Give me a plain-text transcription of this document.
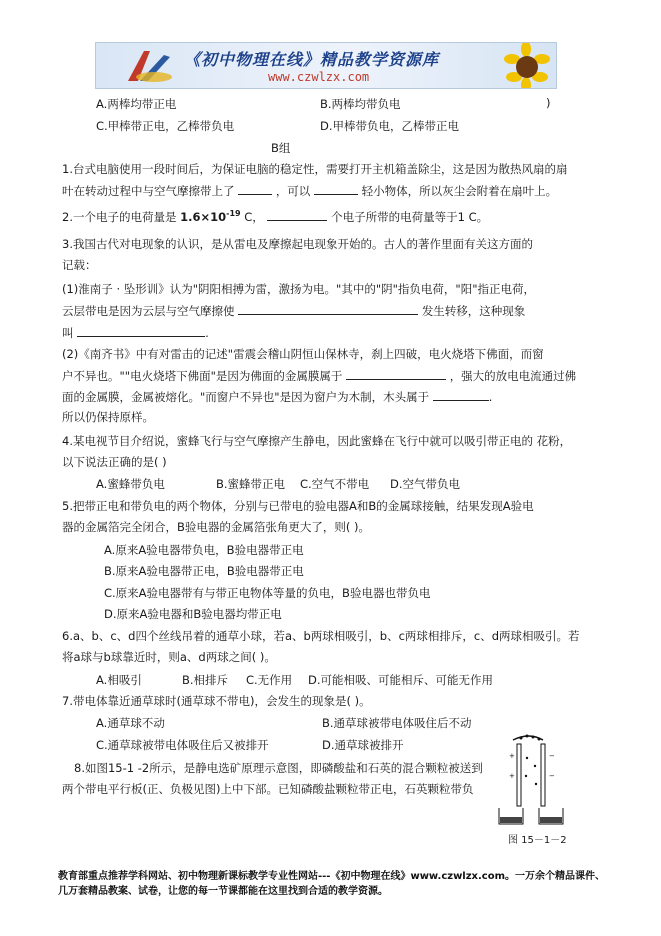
《初中物理在线》精品教学资源库
www.czwlzx.com
A.两棒均带正电	B.两棒均带负电	)
C.甲棒带正电，乙棒带负电	D.甲棒带负电，乙棒带正电
B组
1.台式电脑使用一段时间后，为保证电脑的稳定性，需要打开主机箱盖除尘，这是因为散热风扇的扇
叶在转动过程中与空气摩擦带上了	，可以	轻小物体，所以灰尘会附着在扇叶上。
2.一个电子的电荷量是 $1.6\times 10^{-19}$ C，	个电子所带的电荷量等于1 C。
3.我国古代对电现象的认识，是从雷电及摩擦起电现象开始的。古人的著作里面有关这方面的
记载：
(1)淮南子 · 坠形训》认为"阴阳相搏为雷，激扬为电。"其中的"阴"指负电荷，"阳"指正电荷，
云层带电是因为云层与空气摩擦使	发生转移，这种现象
叫	.
(2)《南齐书》中有对雷击的记述"雷震会稽山阴恒山保林寺，刹上四破，电火烧塔下佛面，而窗
户不异也。""电火烧塔下佛面"是因为佛面的金属膜属于	，强大的放电电流通过佛
面的金属膜，金属被熔化。"而窗户不异也"是因为窗户为木制，木头属于	.
所以仍保持原样。
4.某电视节目介绍说，蜜蜂飞行与空气摩擦产生静电，因此蜜蜂在飞行中就可以吸引带正电的 花粉，
以下说法正确的是( )
A.蜜蜂带负电	B.蜜蜂带正电 C.空气不带电 D.空气带负电
5.把带正电和带负电的两个物体，分别与已带电的验电器A和B的金属球接触，结果发现A验电
器的金属箔完全闭合，B验电器的金属箔张角更大了，则( )。
A.原来A验电器带负电，B验电器带正电
B.原来A验电器带正电，B验电器带正电
C.原来A验电器带有与带正电物体等量的负电，B验电器也带负电
D.原来A验电器和B验电器均带正电
6.a、b、c、d四个丝线吊着的通草小球，若a、b两球相吸引，b、c两球相排斥，c、d两球相吸引。若
将a球与b球靠近时，则a、d两球之间( )。
A.相吸引	B.相排斥 C.无作用 D.可能相吸、可能相斥、可能无作用
7.带电体靠近通草球时(通草球不带电)，会发生的现象是( )。
A.通草球不动	B.通草球被带电体吸住后不动
C.通草球被带电体吸住后又被排开	D.通草球被排开
8.如图15-1 -2所示，是静电选矿原理示意图，即磷酸盐和石英的混合颗粒被送到
两个带电平行板(正、负极见图)上中下部。已知磷酸盐颗粒带正电，石英颗粒带负
+
+
−
−
图 15－1－2
教育部重点推荐学科网站、初中物理新课标教学专业性网站---《初中物理在线》www.czwlzx.com。一万余个精品课件、
几万套精品教案、试卷，让您的每一节课都能在这里找到合适的教学资源。
